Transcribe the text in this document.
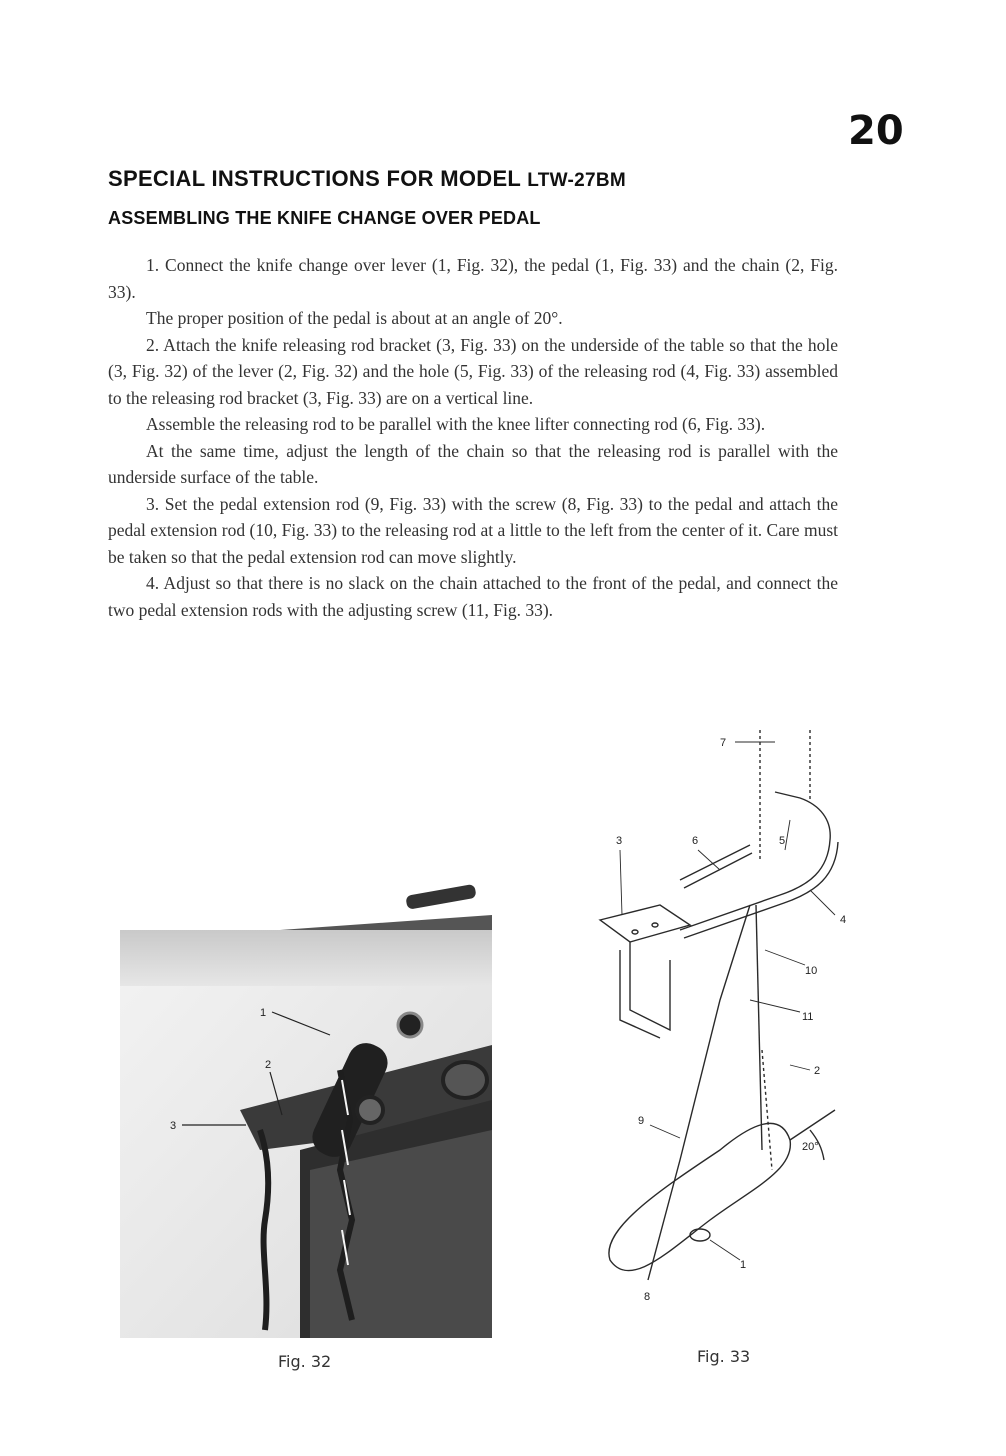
20
SPECIAL INSTRUCTIONS FOR MODEL LTW-27BM
ASSEMBLING THE KNIFE CHANGE OVER PEDAL

1. Connect the knife change over lever (1, Fig. 32), the pedal (1, Fig. 33) and the chain (2, Fig. 33).

The proper position of the pedal is about at an angle of 20°.

2. Attach the knife releasing rod bracket (3, Fig. 33) on the underside of the table so that the hole (3, Fig. 32) of the lever (2, Fig. 32) and the hole (5, Fig. 33) of the releasing rod (4, Fig. 33) assembled to the releasing rod bracket (3, Fig. 33) are on a vertical line.

Assemble the releasing rod to be parallel with the knee lifter connecting rod (6, Fig. 33).

At the same time, adjust the length of the chain so that the releasing rod is parallel with the underside surface of the table.

3. Set the pedal extension rod (9, Fig. 33) with the screw (8, Fig. 33) to the pedal and attach the pedal extension rod (10, Fig. 33) to the releasing rod at a little to the left from the center of it. Care must be taken so that the pedal extension rod can move slightly.

4. Adjust so that there is no slack on the chain attached to the front of the pedal, and connect the two pedal extension rods with the adjusting screw (11, Fig. 33).

1
2
3
7
3	6	5
4
10
11
2
9
20°
1
8
Fig. 32	Fig. 33
